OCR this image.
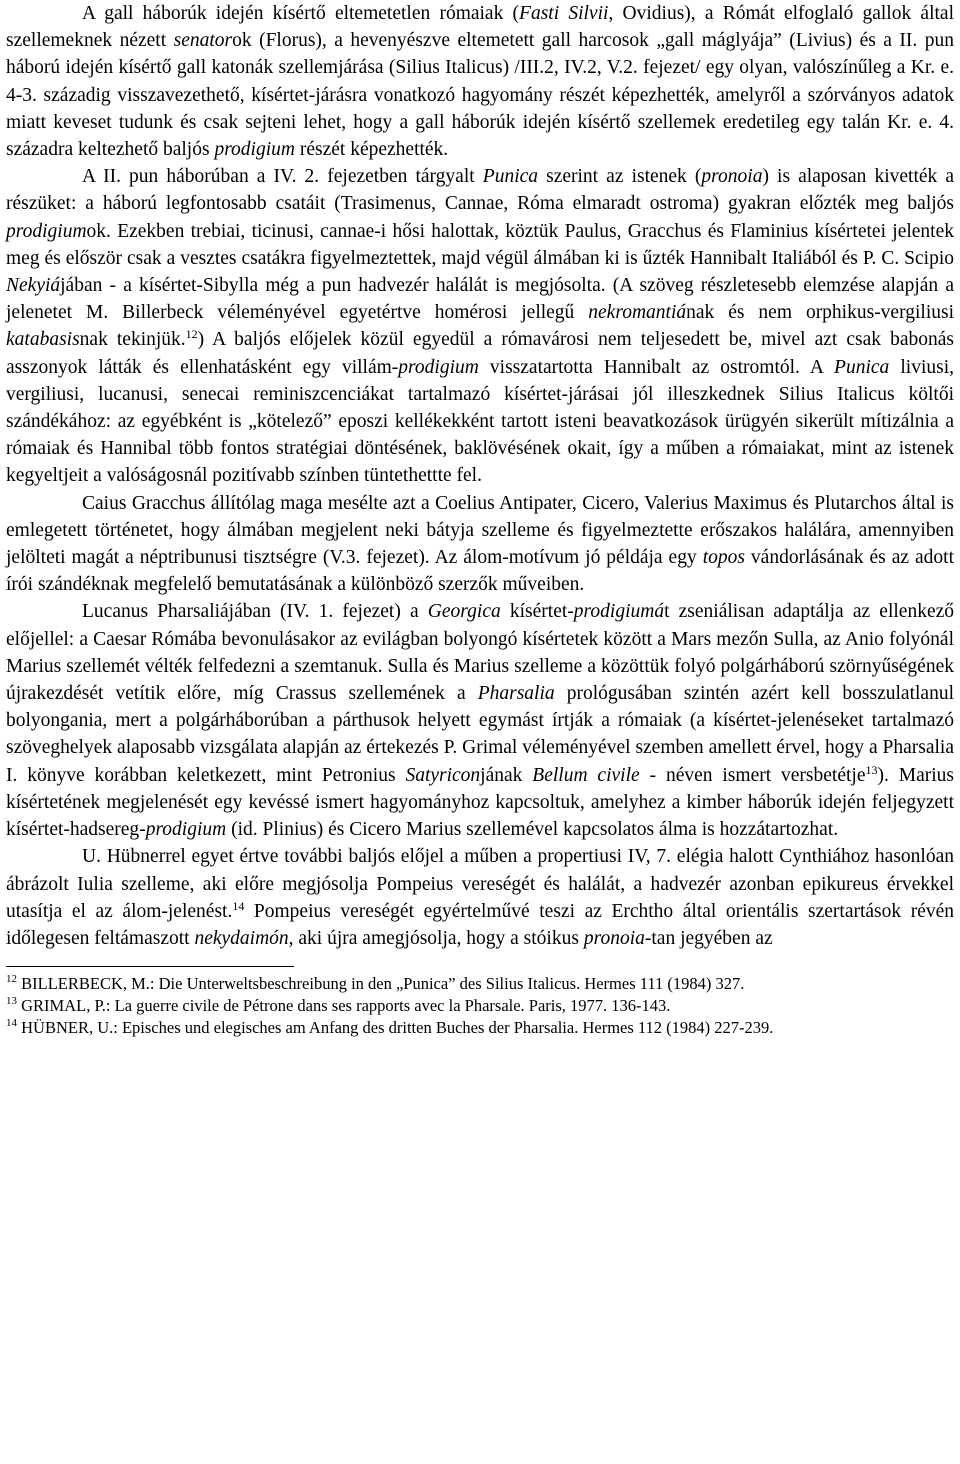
A gall háborúk idején kísértő eltemetetlen rómaiak (Fasti Silvii, Ovidius), a Rómát elfoglaló gallok által szellemeknek nézett senatorok (Florus), a hevenyészve eltemetett gall harcosok „gall máglyája” (Livius) és a II. pun háború idején kísértő gall katonák szellemjárása (Silius Italicus) /III.2, IV.2, V.2. fejezet/ egy olyan, valószínűleg a Kr. e. 4-3. századig visszavezethető, kísértet-járásra vonatkozó hagyomány részét képezhették, amelyről a szórványos adatok miatt keveset tudunk és csak sejteni lehet, hogy a gall háborúk idején kísértő szellemek eredetileg egy talán Kr. e. 4. századra keltezhető baljós prodigium részét képezhették.

A II. pun háborúban a IV. 2. fejezetben tárgyalt Punica szerint az istenek (pronoia) is alaposan kivették a részüket: a háború legfontosabb csatáit (Trasimenus, Cannae, Róma elmaradt ostroma) gyakran előzték meg baljós prodigiumok. Ezekben trebiai, ticinusi, cannae-i hősi halottak, köztük Paulus, Gracchus és Flaminius kísértetei jelentek meg és először csak a vesztes csatákra figyelmeztettek, majd végül álmában ki is űzték Hannibalt Italiából és P. C. Scipio Nekyiájában - a kísértet-Sibylla még a pun hadvezér halálát is megjósolta. (A szöveg részletesebb elemzése alapján a jelenetet M. Billerbeck véleményével egyetértve homérosi jellegű nekromantiának és nem orphikus-vergiliusi katabasisnak tekinjük.$^{12}$) A baljós előjelek közül egyedül a rómavárosi nem teljesedett be, mivel azt csak babonás asszonyok látták és ellenhatásként egy villám-prodigium visszatartotta Hannibalt az ostromtól. A Punica liviusi, vergiliusi, lucanusi, senecai reminiszcenciákat tartalmazó kísértet-járásai jól illeszkednek Silius Italicus költői szándékához: az egyébként is „kötelező” eposzi kellékekként tartott isteni beavatkozások ürügyén sikerült mítizálnia a rómaiak és Hannibal több fontos stratégiai döntésének, baklövésének okait, így a műben a rómaiakat, mint az istenek kegyeltjeit a valóságosnál pozitívabb színben tüntethettte fel.

Caius Gracchus állítólag maga mesélte azt a Coelius Antipater, Cicero, Valerius Maximus és Plutarchos által is emlegetett történetet, hogy álmában megjelent neki bátyja szelleme és figyelmeztette erőszakos halálára, amennyiben jelölteti magát a néptribunusi tisztségre (V.3. fejezet). Az álom-motívum jó példája egy topos vándorlásának és az adott írói szándéknak megfelelő bemutatásának a különböző szerzők műveiben.

Lucanus Pharsaliájában (IV. 1. fejezet) a Georgica kísértet-prodigiumát zseniálisan adaptálja az ellenkező előjellel: a Caesar Rómába bevonulásakor az evilágban bolyongó kísértetek között a Mars mezőn Sulla, az Anio folyónál Marius szellemét vélték felfedezni a szemtanuk. Sulla és Marius szelleme a közöttük folyó polgárháború szörnyűségének újrakezdését vetítik előre, míg Crassus szellemének a Pharsalia prológusában szintén azért kell bosszulatlanul bolyongania, mert a polgárháborúban a párthusok helyett egymást írtják a rómaiak (a kísértet-jelenéseket tartalmazó szöveghelyek alaposabb vizsgálata alapján az értekezés P. Grimal véleményével szemben amellett érvel, hogy a Pharsalia I. könyve korábban keletkezett, mint Petronius Satyriconjának Bellum civile - néven ismert versbetétje$^{13}$). Marius kísértetének megjelenését egy kevéssé ismert hagyományhoz kapcsoltuk, amelyhez a kimber háborúk idején feljegyzett kísértet-hadsereg-prodigium (id. Plinius) és Cicero Marius szellemével kapcsolatos álma is hozzátartozhat.

U. Hübnerrel egyet értve további baljós előjel a műben a propertiusi IV, 7. elégia halott Cynthiához hasonlóan ábrázolt Iulia szelleme, aki előre megjósolja Pompeius vereségét és halálát, a hadvezér azonban epikureus érvekkel utasítja el az álom-jelenést.$^{14}$ Pompeius vereségét egyértelművé teszi az Erchtho által orientális szertartások révén időlegesen feltámaszott nekydaimón, aki újra amegjósolja, hogy a stóikus pronoia-tan jegyében az

$^{12}$ BILLERBECK, M.: Die Unterweltsbeschreibung in den „Punica” des Silius Italicus. Hermes 111 (1984) 327.

$^{13}$ GRIMAL, P.: La guerre civile de Pétrone dans ses rapports avec la Pharsale. Paris, 1977. 136-143.

$^{14}$ HÜBNER, U.: Episches und elegisches am Anfang des dritten Buches der Pharsalia. Hermes 112 (1984) 227-239.
